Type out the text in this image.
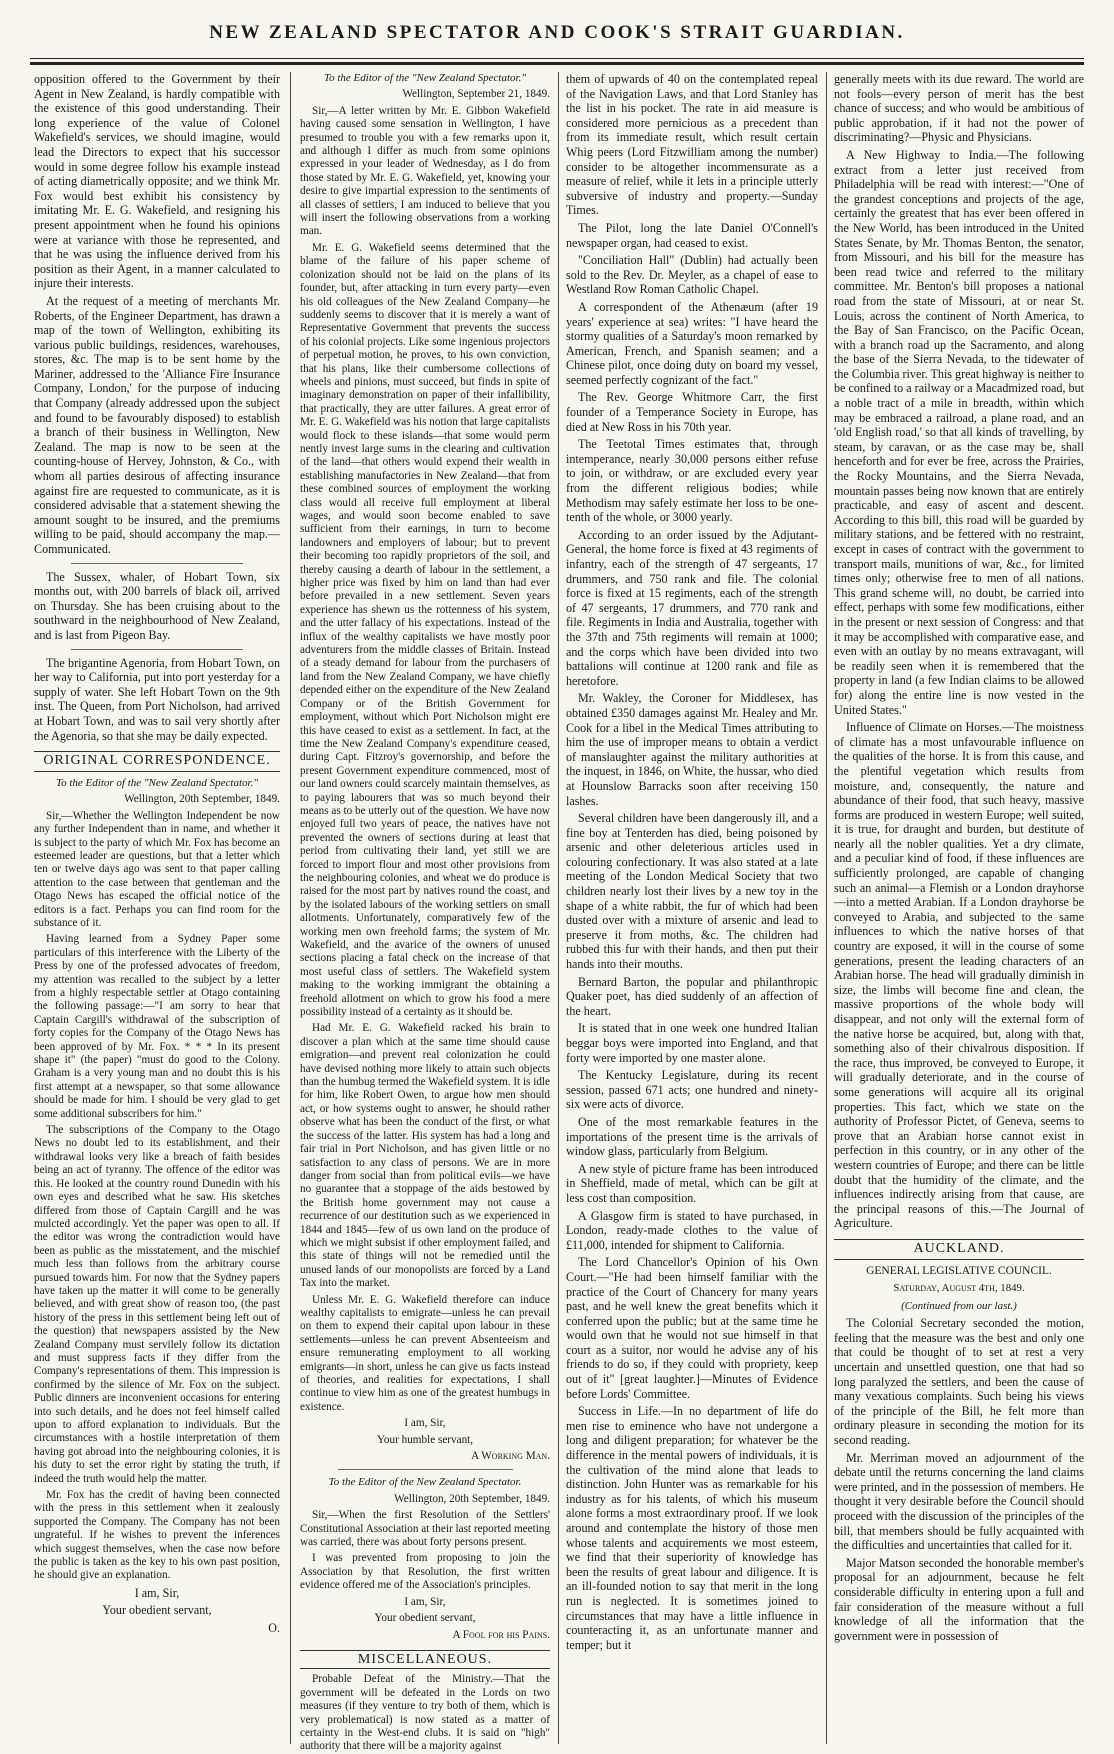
NEW ZEALAND SPECTATOR AND COOK'S STRAIT GUARDIAN.

opposition offered to the Government by their Agent in New Zealand, is hardly compatible with the existence of this good understanding. Their long experience of the value of Colonel Wakefield's services, we should imagine, would lead the Directors to expect that his successor would in some degree follow his example instead of acting diametrically opposite; and we think Mr. Fox would best exhibit his consistency by imitating Mr. E. G. Wakefield, and resigning his present appointment when he found his opinions were at variance with those he represented, and that he was using the influence derived from his position as their Agent, in a manner calculated to injure their interests.

At the request of a meeting of merchants Mr. Roberts, of the Engineer Department, has drawn a map of the town of Wellington, exhibiting its various public buildings, residences, warehouses, stores, &c. The map is to be sent home by the Mariner, addressed to the 'Alliance Fire Insurance Company, London,' for the purpose of inducing that Company (already addressed upon the subject and found to be favourably disposed) to establish a branch of their business in Wellington, New Zealand. The map is now to be seen at the counting-house of Hervey, Johnston, & Co., with whom all parties desirous of affecting insurance against fire are requested to communicate, as it is considered advisable that a statement shewing the amount sought to be insured, and the premiums willing to be paid, should accompany the map.—Communicated.

The Sussex, whaler, of Hobart Town, six months out, with 200 barrels of black oil, arrived on Thursday. She has been cruising about to the southward in the neighbourhood of New Zealand, and is last from Pigeon Bay.

The brigantine Agenoria, from Hobart Town, on her way to California, put into port yesterday for a supply of water. She left Hobart Town on the 9th inst. The Queen, from Port Nicholson, had arrived at Hobart Town, and was to sail very shortly after the Agenoria, so that she may be daily expected.

ORIGINAL CORRESPONDENCE.

To the Editor of the "New Zealand Spectator."

Wellington, 20th September, 1849.

Sir,—Whether the Wellington Independent be now any further Independent than in name, and whether it is subject to the party of which Mr. Fox has become an esteemed leader are questions, but that a letter which ten or twelve days ago was sent to that paper calling attention to the case between that gentleman and the Otago News has escaped the official notice of the editors is a fact. Perhaps you can find room for the substance of it.

Having learned from a Sydney Paper some particulars of this interference with the Liberty of the Press by one of the professed advocates of freedom, my attention was recalled to the subject by a letter from a highly respectable settler at Otago containing the following passage:—"I am sorry to hear that Captain Cargill's withdrawal of the subscription of forty copies for the Company of the Otago News has been approved of by Mr. Fox. * * * In its present shape it" (the paper) "must do good to the Colony. Graham is a very young man and no doubt this is his first attempt at a newspaper, so that some allowance should be made for him. I should be very glad to get some additional subscribers for him."

The subscriptions of the Company to the Otago News no doubt led to its establishment, and their withdrawal looks very like a breach of faith besides being an act of tyranny. The offence of the editor was this. He looked at the country round Dunedin with his own eyes and described what he saw. His sketches differed from those of Captain Cargill and he was mulcted accordingly. Yet the paper was open to all. If the editor was wrong the contradiction would have been as public as the misstatement, and the mischief much less than follows from the arbitrary course pursued towards him. For now that the Sydney papers have taken up the matter it will come to be generally believed, and with great show of reason too, (the past history of the press in this settlement being left out of the question) that newspapers assisted by the New Zealand Company must servilely follow its dictation and must suppress facts if they differ from the Company's representations of them. This impression is confirmed by the silence of Mr. Fox on the subject. Public dinners are inconvenient occasions for entering into such details, and he does not feel himself called upon to afford explanation to individuals. But the circumstances with a hostile interpretation of them having got abroad into the neighbouring colonies, it is his duty to set the error right by stating the truth, if indeed the truth would help the matter.

Mr. Fox has the credit of having been connected with the press in this settlement when it zealously supported the Company. The Company has not been ungrateful. If he wishes to prevent the inferences which suggest themselves, when the case now before the public is taken as the key to his own past position, he should give an explanation.

I am, Sir,

Your obedient servant,

O.

To the Editor of the "New Zealand Spectator."

Wellington, September 21, 1849.

Sir,—A letter written by Mr. E. Gibbon Wakefield having caused some sensation in Wellington, I have presumed to trouble you with a few remarks upon it, and although I differ as much from some opinions expressed in your leader of Wednesday, as I do from those stated by Mr. E. G. Wakefield, yet, knowing your desire to give impartial expression to the sentiments of all classes of settlers, I am induced to believe that you will insert the following observations from a working man.

Mr. E. G. Wakefield seems determined that the blame of the failure of his paper scheme of colonization should not be laid on the plans of its founder, but, after attacking in turn every party—even his old colleagues of the New Zealand Company—he suddenly seems to discover that it is merely a want of Representative Government that prevents the success of his colonial projects. Like some ingenious projectors of perpetual motion, he proves, to his own conviction, that his plans, like their cumbersome collections of wheels and pinions, must succeed, but finds in spite of imaginary demonstration on paper of their infallibility, that practically, they are utter failures. A great error of Mr. E. G. Wakefield was his notion that large capitalists would flock to these islands—that some would perm nently invest large sums in the clearing and cultivation of the land—that others would expend their wealth in establishing manufactories in New Zealand—that from these combined sources of employment the working class would all receive full employment at liberal wages, and would soon become enabled to save sufficient from their earnings, in turn to become landowners and employers of labour; but to prevent their becoming too rapidly proprietors of the soil, and thereby causing a dearth of labour in the settlement, a higher price was fixed by him on land than had ever before prevailed in a new settlement. Seven years experience has shewn us the rottenness of his system, and the utter fallacy of his expectations. Instead of the influx of the wealthy capitalists we have mostly poor adventurers from the middle classes of Britain. Instead of a steady demand for labour from the purchasers of land from the New Zealand Company, we have chiefly depended either on the expenditure of the New Zealand Company or of the British Government for employment, without which Port Nicholson might ere this have ceased to exist as a settlement. In fact, at the time the New Zealand Company's expenditure ceased, during Capt. Fitzroy's governorship, and before the present Government expenditure commenced, most of our land owners could scarcely maintain themselves, as to paying labourers that was so much beyond their means as to be utterly out of the question. We have now enjoyed full two years of peace, the natives have not prevented the owners of sections during at least that period from cultivating their land, yet still we are forced to import flour and most other provisions from the neighbouring colonies, and wheat we do produce is raised for the most part by natives round the coast, and by the isolated labours of the working settlers on small allotments. Unfortunately, comparatively few of the working men own freehold farms; the system of Mr. Wakefield, and the avarice of the owners of unused sections placing a fatal check on the increase of that most useful class of settlers. The Wakefield system making to the working immigrant the obtaining a freehold allotment on which to grow his food a mere possibility instead of a certainty as it should be.

Had Mr. E. G. Wakefield racked his brain to discover a plan which at the same time should cause emigration—and prevent real colonization he could have devised nothing more likely to attain such objects than the humbug termed the Wakefield system. It is idle for him, like Robert Owen, to argue how men should act, or how systems ought to answer, he should rather observe what has been the conduct of the first, or what the success of the latter. His system has had a long and fair trial in Port Nicholson, and has given little or no satisfaction to any class of persons. We are in more danger from social than from political evils—we have no guarantee that a stoppage of the aids bestowed by the British home government may not cause a recurrence of our destitution such as we experienced in 1844 and 1845—few of us own land on the produce of which we might subsist if other employment failed, and this state of things will not be remedied until the unused lands of our monopolists are forced by a Land Tax into the market.

Unless Mr. E. G. Wakefield therefore can induce wealthy capitalists to emigrate—unless he can prevail on them to expend their capital upon labour in these settlements—unless he can prevent Absenteeism and ensure remunerating employment to all working emigrants—in short, unless he can give us facts instead of theories, and realities for expectations, I shall continue to view him as one of the greatest humbugs in existence.

I am, Sir,

Your humble servant,

A Working Man.

To the Editor of the New Zealand Spectator.

Wellington, 20th September, 1849.

Sir,—When the first Resolution of the Settlers' Constitutional Association at their last reported meeting was carried, there was about forty persons present.

I was prevented from proposing to join the Association by that Resolution, the first written evidence offered me of the Association's principles.

I am, Sir,

Your obedient servant,

A Fool for his Pains.

MISCELLANEOUS.

Probable Defeat of the Ministry.—That the government will be defeated in the Lords on two measures (if they venture to try both of them, which is very problematical) is now stated as a matter of certainty in the West-end clubs. It is said on "high" authority that there will be a majority against

them of upwards of 40 on the contemplated repeal of the Navigation Laws, and that Lord Stanley has the list in his pocket. The rate in aid measure is considered more pernicious as a precedent than from its immediate result, which result certain Whig peers (Lord Fitzwilliam among the number) consider to be altogether incommensurate as a measure of relief, while it lets in a principle utterly subversive of industry and property.—Sunday Times.

The Pilot, long the late Daniel O'Connell's newspaper organ, had ceased to exist.

"Conciliation Hall" (Dublin) had actually been sold to the Rev. Dr. Meyler, as a chapel of ease to Westland Row Roman Catholic Chapel.

A correspondent of the Athenæum (after 19 years' experience at sea) writes: "I have heard the stormy qualities of a Saturday's moon remarked by American, French, and Spanish seamen; and a Chinese pilot, once doing duty on board my vessel, seemed perfectly cognizant of the fact."

The Rev. George Whitmore Carr, the first founder of a Temperance Society in Europe, has died at New Ross in his 70th year.

The Teetotal Times estimates that, through intemperance, nearly 30,000 persons either refuse to join, or withdraw, or are excluded every year from the different religious bodies; while Methodism may safely estimate her loss to be one-tenth of the whole, or 3000 yearly.

According to an order issued by the Adjutant-General, the home force is fixed at 43 regiments of infantry, each of the strength of 47 sergeants, 17 drummers, and 750 rank and file. The colonial force is fixed at 15 regiments, each of the strength of 47 sergeants, 17 drummers, and 770 rank and file. Regiments in India and Australia, together with the 37th and 75th regiments will remain at 1000; and the corps which have been divided into two battalions will continue at 1200 rank and file as heretofore.

Mr. Wakley, the Coroner for Middlesex, has obtained £350 damages against Mr. Healey and Mr. Cook for a libel in the Medical Times attributing to him the use of improper means to obtain a verdict of manslaughter against the military authorities at the inquest, in 1846, on White, the hussar, who died at Hounslow Barracks soon after receiving 150 lashes.

Several children have been dangerously ill, and a fine boy at Tenterden has died, being poisoned by arsenic and other deleterious articles used in colouring confectionary. It was also stated at a late meeting of the London Medical Society that two children nearly lost their lives by a new toy in the shape of a white rabbit, the fur of which had been dusted over with a mixture of arsenic and lead to preserve it from moths, &c. The children had rubbed this fur with their hands, and then put their hands into their mouths.

Bernard Barton, the popular and philanthropic Quaker poet, has died suddenly of an affection of the heart.

It is stated that in one week one hundred Italian beggar boys were imported into England, and that forty were imported by one master alone.

The Kentucky Legislature, during its recent session, passed 671 acts; one hundred and ninety-six were acts of divorce.

One of the most remarkable features in the importations of the present time is the arrivals of window glass, particularly from Belgium.

A new style of picture frame has been introduced in Sheffield, made of metal, which can be gilt at less cost than composition.

A Glasgow firm is stated to have purchased, in London, ready-made clothes to the value of £11,000, intended for shipment to California.

The Lord Chancellor's Opinion of his Own Court.—"He had been himself familiar with the practice of the Court of Chancery for many years past, and he well knew the great benefits which it conferred upon the public; but at the same time he would own that he would not sue himself in that court as a suitor, nor would he advise any of his friends to do so, if they could with propriety, keep out of it" [great laughter.]—Minutes of Evidence before Lords' Committee.

Success in Life.—In no department of life do men rise to eminence who have not undergone a long and diligent preparation; for whatever be the difference in the mental powers of individuals, it is the cultivation of the mind alone that leads to distinction. John Hunter was as remarkable for his industry as for his talents, of which his museum alone forms a most extraordinary proof. If we look around and contemplate the history of those men whose talents and acquirements we most esteem, we find that their superiority of knowledge has been the results of great labour and diligence. It is an ill-founded notion to say that merit in the long run is neglected. It is sometimes joined to circumstances that may have a little influence in counteracting it, as an unfortunate manner and temper; but it

generally meets with its due reward. The world are not fools—every person of merit has the best chance of success; and who would be ambitious of public approbation, if it had not the power of discriminating?—Physic and Physicians.

A New Highway to India.—The following extract from a letter just received from Philadelphia will be read with interest:—"One of the grandest conceptions and projects of the age, certainly the greatest that has ever been offered in the New World, has been introduced in the United States Senate, by Mr. Thomas Benton, the senator, from Missouri, and his bill for the measure has been read twice and referred to the military committee. Mr. Benton's bill proposes a national road from the state of Missouri, at or near St. Louis, across the continent of North America, to the Bay of San Francisco, on the Pacific Ocean, with a branch road up the Sacramento, and along the base of the Sierra Nevada, to the tidewater of the Columbia river. This great highway is neither to be confined to a railway or a Macadmized road, but a noble tract of a mile in breadth, within which may be embraced a railroad, a plane road, and an 'old English road,' so that all kinds of travelling, by steam, by caravan, or as the case may be, shall henceforth and for ever be free, across the Prairies, the Rocky Mountains, and the Sierra Nevada, mountain passes being now known that are entirely practicable, and easy of ascent and descent. According to this bill, this road will be guarded by military stations, and be fettered with no restraint, except in cases of contract with the government to transport mails, munitions of war, &c., for limited times only; otherwise free to men of all nations. This grand scheme will, no doubt, be carried into effect, perhaps with some few modifications, either in the present or next session of Congress: and that it may be accomplished with comparative ease, and even with an outlay by no means extravagant, will be readily seen when it is remembered that the property in land (a few Indian claims to be allowed for) along the entire line is now vested in the United States."

Influence of Climate on Horses.—The moistness of climate has a most unfavourable influence on the qualities of the horse. It is from this cause, and the plentiful vegetation which results from moisture, and, consequently, the nature and abundance of their food, that such heavy, massive forms are produced in western Europe; well suited, it is true, for draught and burden, but destitute of nearly all the nobler qualities. Yet a dry climate, and a peculiar kind of food, if these influences are sufficiently prolonged, are capable of changing such an animal—a Flemish or a London drayhorse—into a metted Arabian. If a London drayhorse be conveyed to Arabia, and subjected to the same influences to which the native horses of that country are exposed, it will in the course of some generations, present the leading characters of an Arabian horse. The head will gradually diminish in size, the limbs will become fine and clean, the massive proportions of the whole body will disappear, and not only will the external form of the native horse be acquired, but, along with that, something also of their chivalrous disposition. If the race, thus improved, be conveyed to Europe, it will gradually deteriorate, and in the course of some generations will acquire all its original properties. This fact, which we state on the authority of Professor Pictet, of Geneva, seems to prove that an Arabian horse cannot exist in perfection in this country, or in any other of the western countries of Europe; and there can be little doubt that the humidity of the climate, and the influences indirectly arising from that cause, are the principal reasons of this.—The Journal of Agriculture.

AUCKLAND.

GENERAL LEGISLATIVE COUNCIL.

Saturday, August 4th, 1849.

(Continued from our last.)

The Colonial Secretary seconded the motion, feeling that the measure was the best and only one that could be thought of to set at rest a very uncertain and unsettled question, one that had so long paralyzed the settlers, and been the cause of many vexatious complaints. Such being his views of the principle of the Bill, he felt more than ordinary pleasure in seconding the motion for its second reading.

Mr. Merriman moved an adjournment of the debate until the returns concerning the land claims were printed, and in the possession of members. He thought it very desirable before the Council should proceed with the discussion of the principles of the bill, that members should be fully acquainted with the difficulties and uncertainties that called for it.

Major Matson seconded the honorable member's proposal for an adjournment, because he felt considerable difficulty in entering upon a full and fair consideration of the measure without a full knowledge of all the information that the government were in possession of
